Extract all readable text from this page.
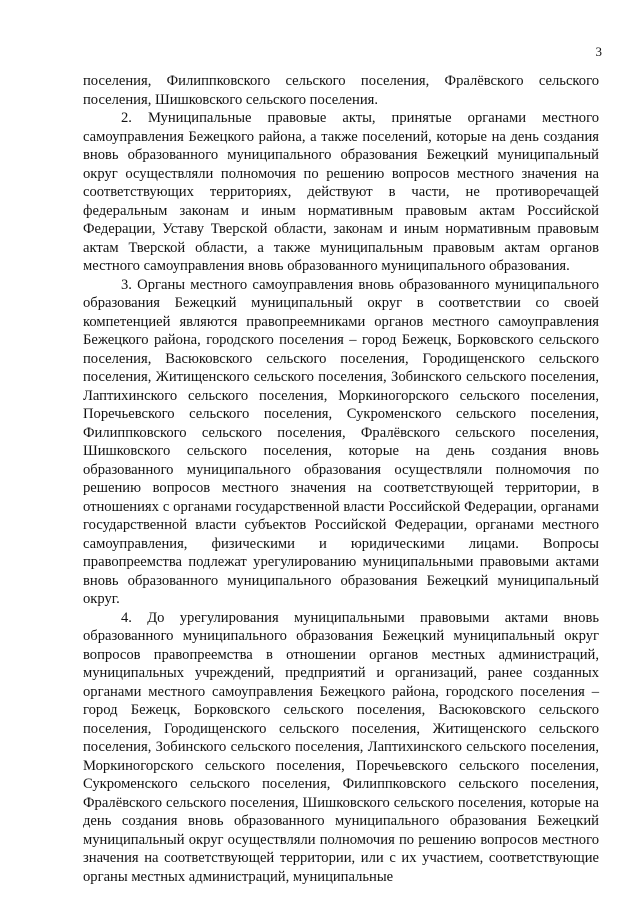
3

поселения, Филиппковского сельского поселения, Фралёвского сельского поселения, Шишковского сельского поселения.

2. Муниципальные правовые акты, принятые органами местного самоуправления Бежецкого района, а также поселений, которые на день создания вновь образованного муниципального образования Бежецкий муниципальный округ осуществляли полномочия по решению вопросов местного значения на соответствующих территориях, действуют в части, не противоречащей федеральным законам и иным нормативным правовым актам Российской Федерации, Уставу Тверской области, законам и иным нормативным правовым актам Тверской области, а также муниципальным правовым актам органов местного самоуправления вновь образованного муниципального образования.

3. Органы местного самоуправления вновь образованного муниципального образования Бежецкий муниципальный округ в соответствии со своей компетенцией являются правопреемниками органов местного самоуправления Бежецкого района, городского поселения – город Бежецк, Борковского сельского поселения, Васюковского сельского поселения, Городищенского сельского поселения, Житищенского сельского поселения, Зобинского сельского поселения, Лаптихинского сельского поселения, Моркиногорского сельского поселения, Поречьевского сельского поселения, Сукроменского сельского поселения, Филиппковского сельского поселения, Фралёвского сельского поселения, Шишковского сельского поселения, которые на день создания вновь образованного муниципального образования осуществляли полномочия по решению вопросов местного значения на соответствующей территории, в отношениях с органами государственной власти Российской Федерации, органами государственной власти субъектов Российской Федерации, органами местного самоуправления, физическими и юридическими лицами. Вопросы правопреемства подлежат урегулированию муниципальными правовыми актами вновь образованного муниципального образования Бежецкий муниципальный округ.

4. До урегулирования муниципальными правовыми актами вновь образованного муниципального образования Бежецкий муниципальный округ вопросов правопреемства в отношении органов местных администраций, муниципальных учреждений, предприятий и организаций, ранее созданных органами местного самоуправления Бежецкого района, городского поселения – город Бежецк, Борковского сельского поселения, Васюковского сельского поселения, Городищенского сельского поселения, Житищенского сельского поселения, Зобинского сельского поселения, Лаптихинского сельского поселения, Моркиногорского сельского поселения, Поречьевского сельского поселения, Сукроменского сельского поселения, Филиппковского сельского поселения, Фралёвского сельского поселения, Шишковского сельского поселения, которые на день создания вновь образованного муниципального образования Бежецкий муниципальный округ осуществляли полномочия по решению вопросов местного значения на соответствующей территории, или с их участием, соответствующие органы местных администраций, муниципальные
